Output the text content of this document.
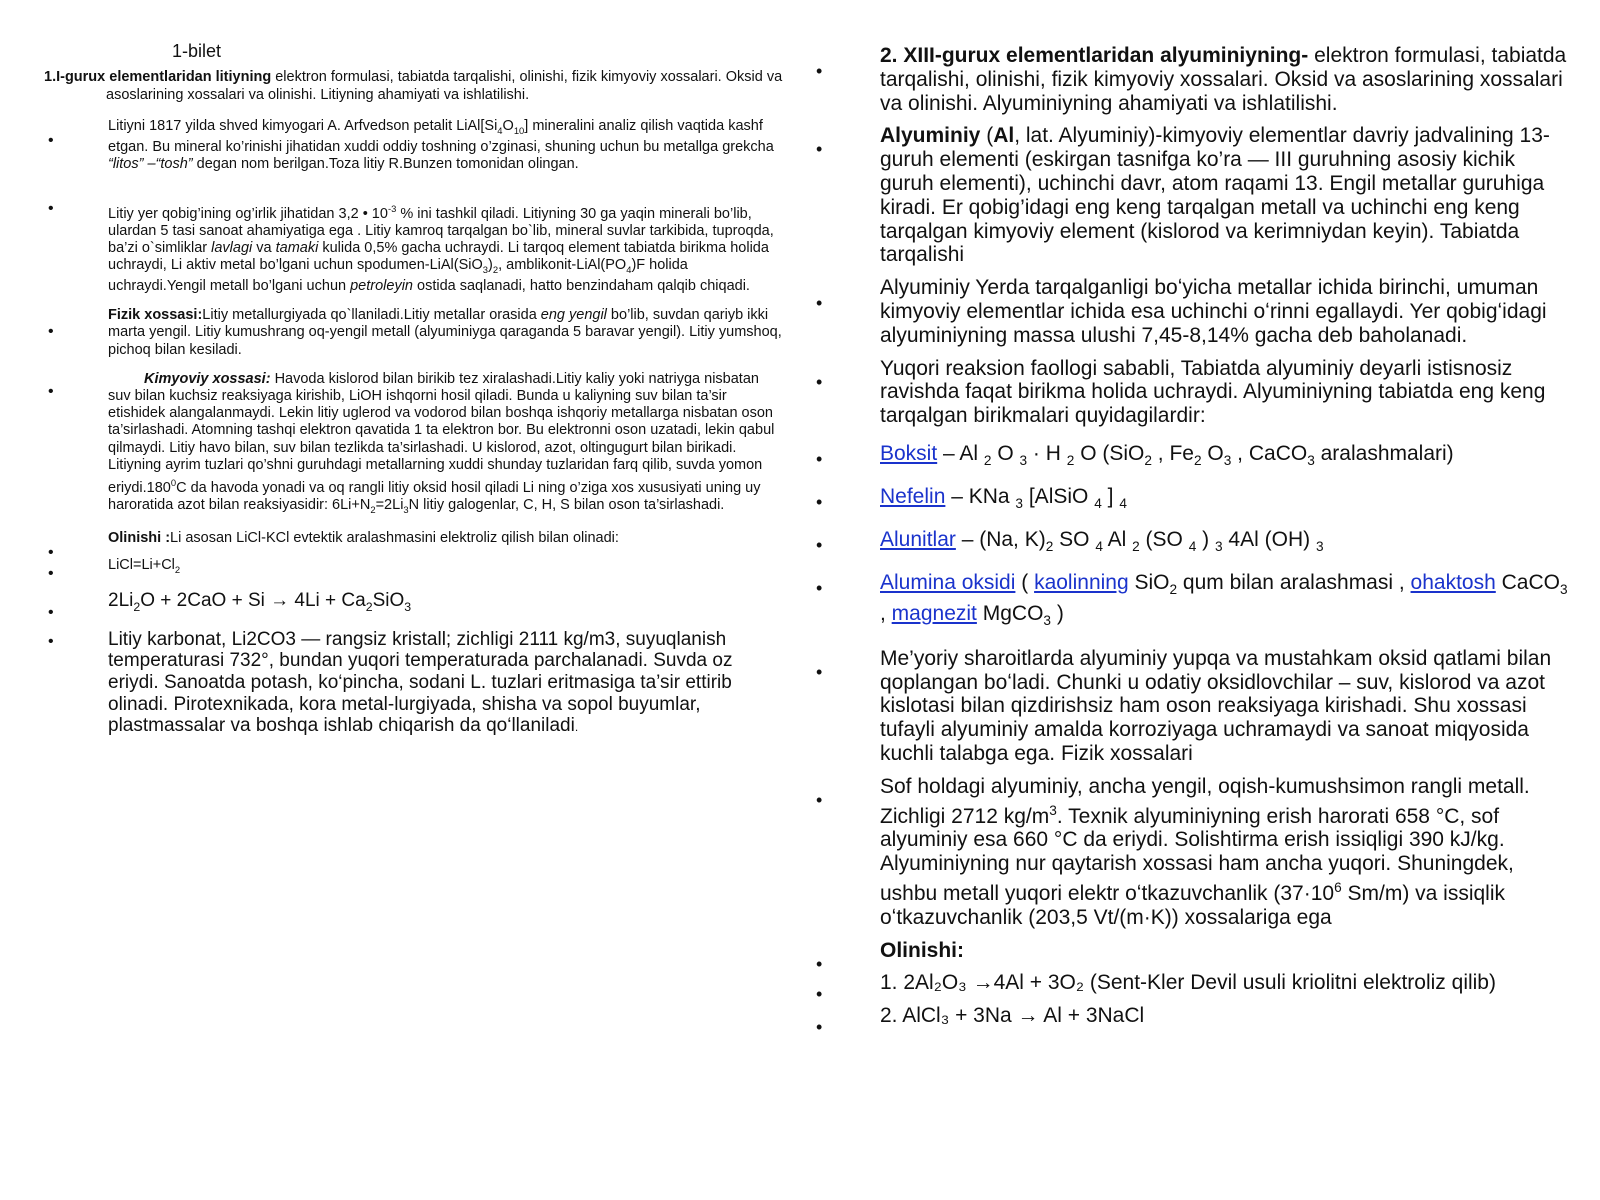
1-bilet
1.I-gurux elementlaridan litiyning elektron formulasi, tabiatda tarqalishi, olinishi, fizik kimyoviy xossalari. Oksid va asoslarining xossalari va olinishi. Litiyning ahamiyati va ishlatilishi.
•
Litiyni 1817 yilda shved kimyogari A. Arfvedson petalit $LiAl[Si_4O_{10}]$ mineralini analiz qilish vaqtida kashf etgan. Bu mineral ko’rinishi jihatidan xuddi oddiy toshning o’zginasi, shuning uchun bu metallga grekcha “litos” –“tosh” degan nom berilgan.Toza litiy R.Bunzen tomonidan olingan.
•	Litiy yer qobig’ining og’irlik jihatidan 3,2 • $10^{-3}$ % ini tashkil qiladi. Litiyning 30 ga yaqin minerali bo’lib, ulardan 5 tasi sanoat ahamiyatiga ega . Litiy kamroq tarqalgan bo`lib, mineral suvlar tarkibida, tuproqda, ba’zi o`simliklar lavlagi va tamaki kulida 0,5% gacha uchraydi. Li tarqoq element tabiatda birikma holida uchraydi, Li aktiv metal bo’lgani uchun spodumen-$LiAl(SiO_3)_2$, amblikonit-$LiAl(PO_4)F$ holida uchraydi.Yengil metall bo’lgani uchun petroleyin ostida saqlanadi, hatto benzindaham qalqib chiqadi.
•
Fizik xossasi:Litiy metallurgiyada qo`llaniladi.Litiy metallar orasida eng yengil bo’lib, suvdan qariyb ikki marta yengil. Litiy kumushrang oq-yengil metall (alyuminiyga qaraganda 5 baravar yengil). Litiy yumshoq, pichoq bilan kesiladi.
•
Kimyoviy xossasi: Havoda kislorod bilan birikib tez xiralashadi.Litiy kaliy yoki natriyga nisbatan suv bilan kuchsiz reaksiyaga kirishib, LiOH ishqorni hosil qiladi. Bunda u kaliyning suv bilan ta’sir etishidek alangalanmaydi. Lekin litiy uglerod va vodorod bilan boshqa ishqoriy metallarga nisbatan oson ta’sirlashadi. Atomning tashqi elektron qavatida 1 ta elektron bor. Bu elektronni oson uzatadi, lekin qabul qilmaydi. Litiy havo bilan, suv bilan tezlikda ta’sirlashadi. U kislorod, azot, oltingugurt bilan birikadi. Litiyning ayrim tuzlari qo’shni guruhdagi metallarning xuddi shunday tuzlaridan farq qilib, suvda yomon eriydi.180$^0$C da havoda yonadi va oq rangli litiy oksid hosil qiladi Li ning o’ziga xos xususiyati uning uy haroratida azot bilan reaksiyasidir: $6Li+N_2=2Li_3N$ litiy galogenlar, C, H, S bilan oson ta’sirlashadi.
•
Olinishi :Li asosan LiCl-KCl evtektik aralashmasini elektroliz qilish bilan olinadi:
•	$LiCl=Li+Cl_2$
•
$2Li_2O + 2CaO + Si \to 4Li + Ca_2SiO_3$
•	Litiy karbonat, Li2CO3 — rangsiz kristall; zichligi 2111 kg/m3, suyuqlanish temperaturasi 732°, bundan yuqori temperaturada parchalanadi. Suvda oz eriydi. Sanoatda potash, ko‘pincha, sodani L. tuzlari eritmasiga ta’sir ettirib olinadi. Pirotexnikada, kora metal-lurgiyada, shisha va sopol buyumlar, plastmassalar va boshqa ishlab chiqarish da qo‘llaniladi.
•
2. XIII-gurux elementlaridan alyuminiyning- elektron formulasi, tabiatda tarqalishi, olinishi, fizik kimyoviy xossalari. Oksid va asoslarining xossalari va olinishi. Alyuminiyning ahamiyati va ishlatilishi.
•
Alyuminiy (Al, lat. Alyuminiy)-kimyoviy elementlar davriy jadvalining 13-guruh elementi (eskirgan tasnifga ko’ra — III guruhning asosiy kichik guruh elementi), uchinchi davr, atom raqami 13. Engil metallar guruhiga kiradi. Er qobig’idagi eng keng tarqalgan metall va uchinchi eng keng tarqalgan kimyoviy element (kislorod va kerimniydan keyin). Tabiatda tarqalishi
•
Alyuminiy Yerda tarqalganligi boʻyicha metallar ichida birinchi, umuman kimyoviy elementlar ichida esa uchinchi oʻrinni egallaydi. Yer qobigʻidagi alyuminiyning massa ulushi 7,45-8,14% gacha deb baholanadi.
•
Yuqori reaksion faollogi sababli, Tabiatda alyuminiy deyarli istisnosiz ravishda faqat birikma holida uchraydi. Alyuminiyning tabiatda eng keng tarqalgan birikmalari quyidagilardir:
•	Boksit – Al $_2$ O $_3$ · H $_2$ O (SiO$_2$ , $Fe_2$ $O_3$ , CaCO$_3$ aralashmalari)
•	Nefelin – KNa $_3$ [AlSiO $_4$ ] $_4$
•	Alunitlar – (Na, $K)_2$ SO $_4$ Al $_2$ (SO $_4$ ) $_3$ 4Al (OH) $_3$
•	Alumina oksidi ( kaolinning SiO$_2$ qum bilan aralashmasi , ohaktosh CaCO$_3$ , magnezit MgCO$_3$ )
•
Me’yoriy sharoitlarda alyuminiy yupqa va mustahkam oksid qatlami bilan qoplangan boʻladi. Chunki u odatiy oksidlovchilar – suv, kislorod va azot kislotasi bilan qizdirishsiz ham oson reaksiyaga kirishadi. Shu xossasi tufayli alyuminiy amalda korroziyaga uchramaydi va sanoat miqyosida kuchli talabga ega. Fizik xossalari
•
Sof holdagi alyuminiy, ancha yengil, oqish-kumushsimon rangli metall. Zichligi 2712 $kg/m^3$. Texnik alyuminiyning erish harorati 658 °C, sof alyuminiy esa 660 °C da eriydi. Solishtirma erish issiqligi 390 kJ/kg. Alyuminiyning nur qaytarish xossasi ham ancha yuqori. Shuningdek, ushbu metall yuqori elektr oʻtkazuvchanlik ($37\cdot 10^6$ Sm/m) va issiqlik oʻtkazuvchanlik (203,5 Vt/(m·K)) xossalariga ega
•
Olinishi:
•	1. 2Al₂O₃ →4Al + 3O₂ (Sent-Kler Devil usuli kriolitni elektroliz qilib)
•	2. AlCl₃ + 3Na → Al + 3NaCl
